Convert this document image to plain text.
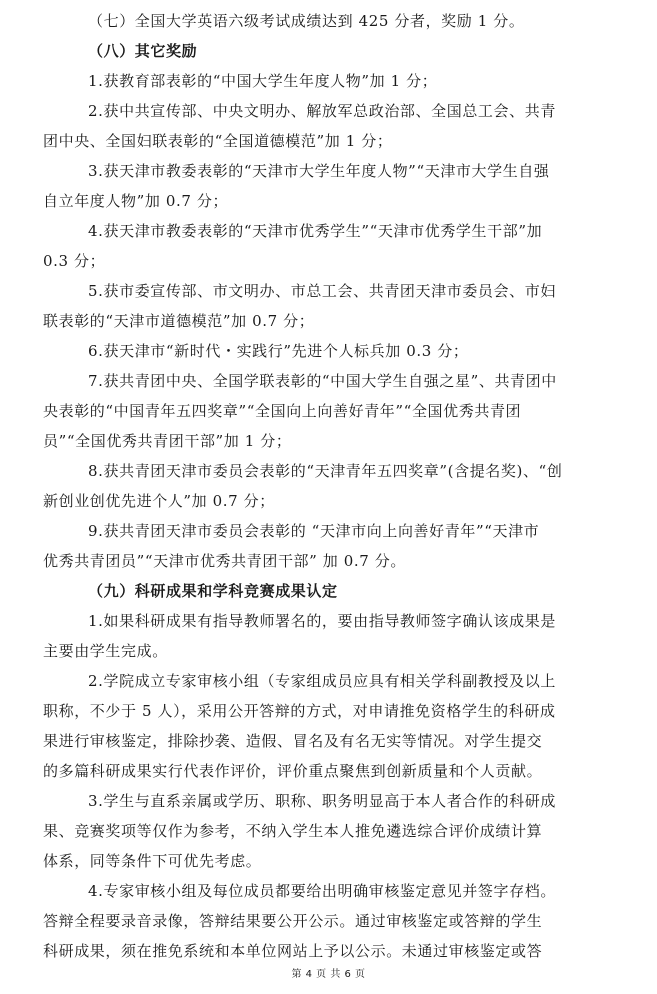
（七）全国大学英语六级考试成绩达到 425 分者，奖励 1 分。
（八）其它奖励
1.获教育部表彰的“中国大学生年度人物”加 1 分；
2.获中共宣传部、中央文明办、解放军总政治部、全国总工会、共青
团中央、全国妇联表彰的“全国道德模范”加 1 分；
3.获天津市教委表彰的“天津市大学生年度人物”“天津市大学生自强
自立年度人物”加 0.7 分；
4.获天津市教委表彰的“天津市优秀学生”“天津市优秀学生干部”加
0.3 分；
5.获市委宣传部、市文明办、市总工会、共青团天津市委员会、市妇
联表彰的“天津市道德模范”加 0.7 分；
6.获天津市“新时代・实践行”先进个人标兵加 0.3 分；
7.获共青团中央、全国学联表彰的“中国大学生自强之星”、共青团中
央表彰的“中国青年五四奖章”“全国向上向善好青年”“全国优秀共青团
员”“全国优秀共青团干部”加 1 分；
8.获共青团天津市委员会表彰的“天津青年五四奖章”(含提名奖)、“创
新创业创优先进个人”加 0.7 分；
9.获共青团天津市委员会表彰的 “天津市向上向善好青年”“天津市
优秀共青团员”“天津市优秀共青团干部” 加 0.7 分。
（九）科研成果和学科竞赛成果认定
1.如果科研成果有指导教师署名的，要由指导教师签字确认该成果是
主要由学生完成。
2.学院成立专家审核小组（专家组成员应具有相关学科副教授及以上
职称，不少于 5 人），采用公开答辩的方式，对申请推免资格学生的科研成
果进行审核鉴定，排除抄袭、造假、冒名及有名无实等情况。对学生提交
的多篇科研成果实行代表作评价，评价重点聚焦到创新质量和个人贡献。
3.学生与直系亲属或学历、职称、职务明显高于本人者合作的科研成
果、竞赛奖项等仅作为参考，不纳入学生本人推免遴选综合评价成绩计算
体系，同等条件下可优先考虑。
4.专家审核小组及每位成员都要给出明确审核鉴定意见并签字存档。
答辩全程要录音录像，答辩结果要公开公示。通过审核鉴定或答辩的学生
科研成果，须在推免系统和本单位网站上予以公示。未通过审核鉴定或答
第 4 页 共 6 页
